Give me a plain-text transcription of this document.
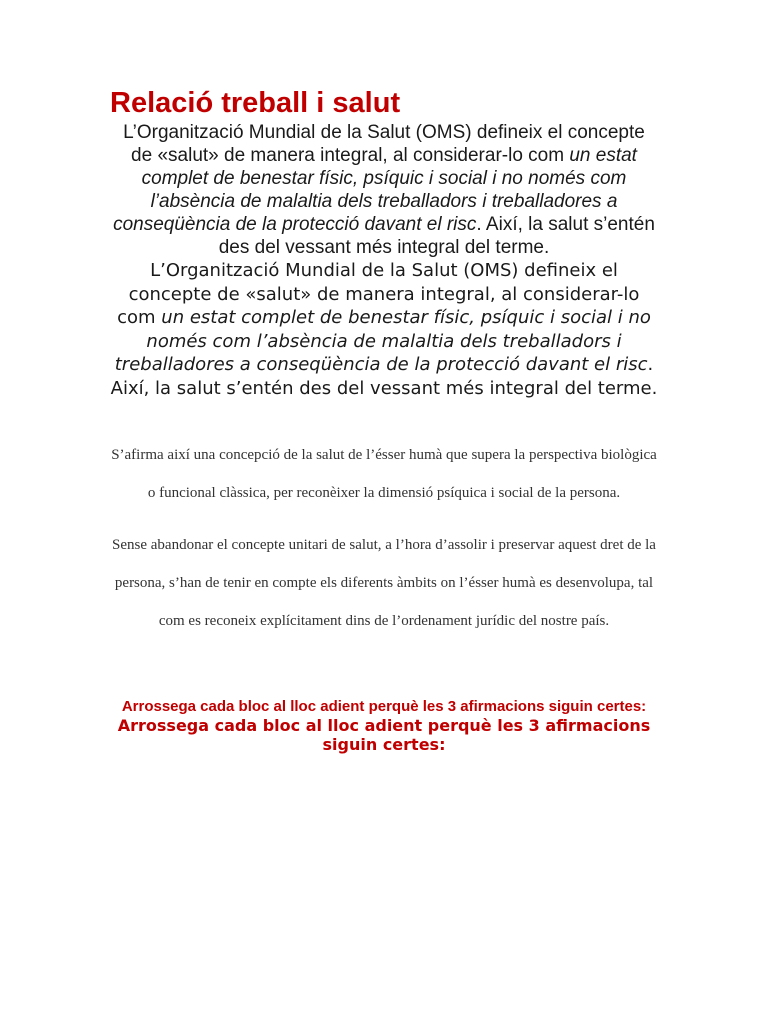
Relació treball i salut

L’Organització Mundial de la Salut (OMS) defineix el concepte de «salut» de manera integral, al considerar-lo com un estat complet de benestar físic, psíquic i social i no només com l’absència de malaltia dels treballadors i treballadores a conseqüència de la protecció davant el risc. Així, la salut s’entén des del vessant més integral del terme.

L’Organització Mundial de la Salut (OMS) defineix el concepte de «salut» de manera integral, al considerar-lo com un estat complet de benestar físic, psíquic i social i no només com l’absència de malaltia dels treballadors i treballadores a conseqüència de la protecció davant el risc. Així, la salut s’entén des del vessant més integral del terme.

S’afirma així una concepció de la salut de l’ésser humà que supera la perspectiva biològica o funcional clàssica, per reconèixer la dimensió psíquica i social de la persona.

Sense abandonar el concepte unitari de salut, a l’hora d’assolir i preservar aquest dret de la persona, s’han de tenir en compte els diferents àmbits on l’ésser humà es desenvolupa, tal com es reconeix explícitament dins de l’ordenament jurídic del nostre país.

Arrossega cada bloc al lloc adient perquè les 3 afirmacions siguin certes:

Arrossega cada bloc al lloc adient perquè les 3 afirmacions siguin certes:
